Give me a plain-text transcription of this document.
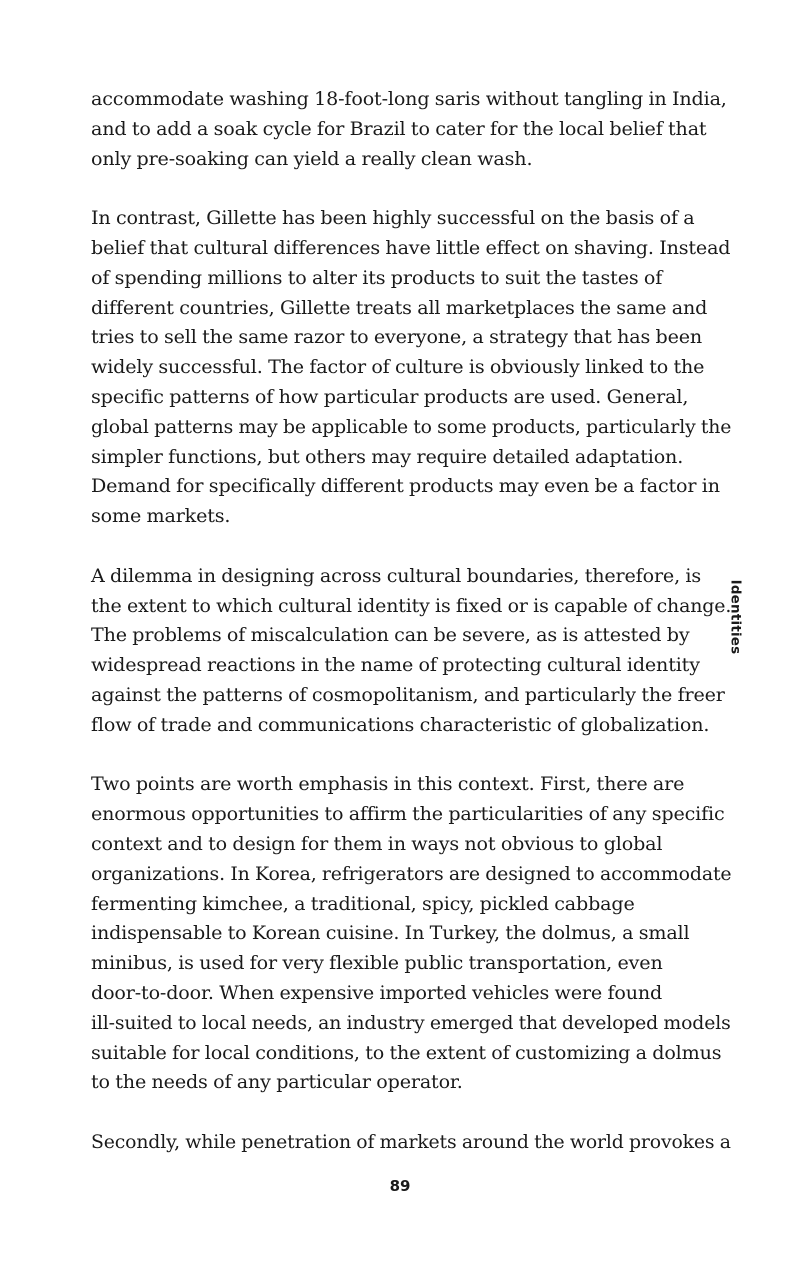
accommodate washing 18-foot-long saris without tangling in India,
and to add a soak cycle for Brazil to cater for the local belief that
only pre-soaking can yield a really clean wash.

In contrast, Gillette has been highly successful on the basis of a
belief that cultural differences have little effect on shaving. Instead
of spending millions to alter its products to suit the tastes of
different countries, Gillette treats all marketplaces the same and
tries to sell the same razor to everyone, a strategy that has been
widely successful. The factor of culture is obviously linked to the
specific patterns of how particular products are used. General,
global patterns may be applicable to some products, particularly the
simpler functions, but others may require detailed adaptation.
Demand for specifically different products may even be a factor in
some markets.

A dilemma in designing across cultural boundaries, therefore, is
the extent to which cultural identity is fixed or is capable of change.
The problems of miscalculation can be severe, as is attested by
widespread reactions in the name of protecting cultural identity
against the patterns of cosmopolitanism, and particularly the freer
flow of trade and communications characteristic of globalization.

Two points are worth emphasis in this context. First, there are
enormous opportunities to affirm the particularities of any specific
context and to design for them in ways not obvious to global
organizations. In Korea, refrigerators are designed to accommodate
fermenting kimchee, a traditional, spicy, pickled cabbage
indispensable to Korean cuisine. In Turkey, the dolmus, a small
minibus, is used for very flexible public transportation, even
door-to-door. When expensive imported vehicles were found
ill-suited to local needs, an industry emerged that developed models
suitable for local conditions, to the extent of customizing a dolmus
to the needs of any particular operator.

Secondly, while penetration of markets around the world provokes a

Identities
89
